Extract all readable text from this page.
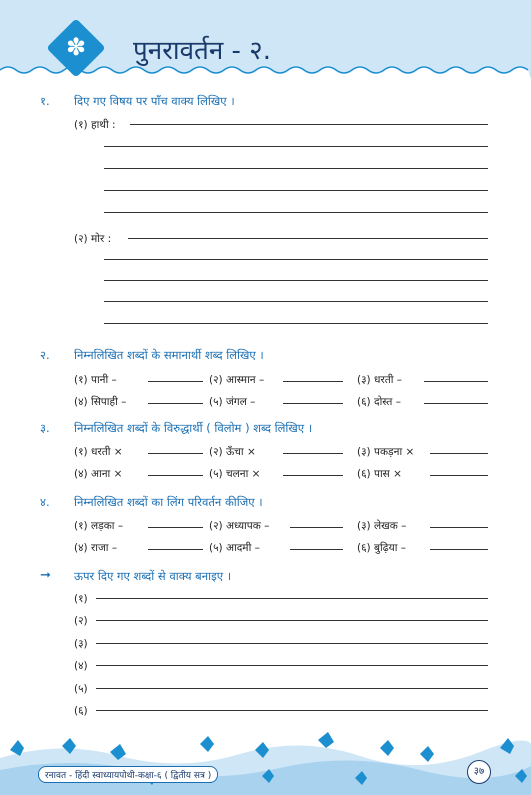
✽ पुनरावर्तन - २.
१. दिए गए विषय पर पाँच वाक्य लिखिए ।
(१) हाथी :
(२) मोर :
२. निम्नलिखित शब्दों के समानार्थी शब्द लिखिए ।
(१) पानी –	(२) आस्मान –	(३) धरती –
(४) सिपाही –	(५) जंगल –	(६) दोस्त –
३. निम्नलिखित शब्दों के विरुद्धार्थी ( विलोम ) शब्द लिखिए ।
(१) धरती ×	(२) ऊँचा ×	(३) पकड़ना ×
(४) आना ×	(५) चलना ×	(६) पास ×
४. निम्नलिखित शब्दों का लिंग परिवर्तन कीजिए ।
(१) लड़का –	(२) अध्यापक –	(३) लेखक –
(४) राजा –	(५) आदमी –	(६) बुढ़िया –
➞ ऊपर दिए गए शब्दों से वाक्य बनाइए ।
(१)
(२)
(३)
(४)
(५)
(६)
रनावत - हिंदी स्वाध्यायपोथी-कक्षा-६ ( द्वितीय सत्र )	३७
